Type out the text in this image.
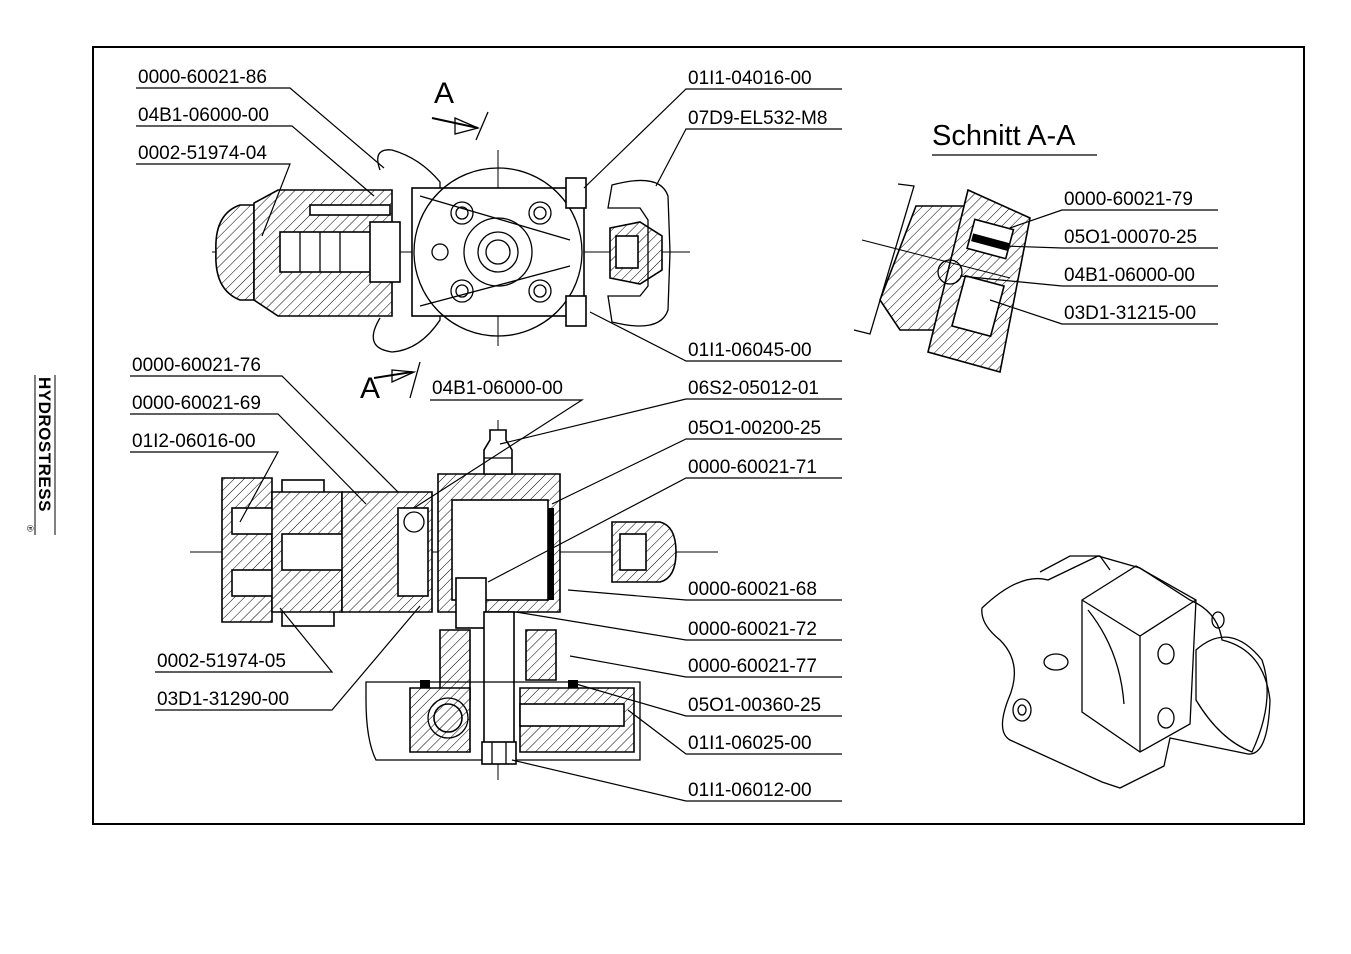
HYDROSTRESS
®
A
A
Schnitt A-A
0000-60021-86
04B1-06000-00
0002-51974-04
01I1-04016-00
07D9-EL532-M8
01I1-06045-00
0000-60021-79
05O1-00070-25
04B1-06000-00
03D1-31215-00
0000-60021-76
0000-60021-69
01I2-06016-00
04B1-06000-00	06S2-05012-01
05O1-00200-25
0000-60021-71
0000-60021-68
0000-60021-72
0000-60021-77
05O1-00360-25
01I1-06025-00
01I1-06012-00
0002-51974-05
03D1-31290-00
